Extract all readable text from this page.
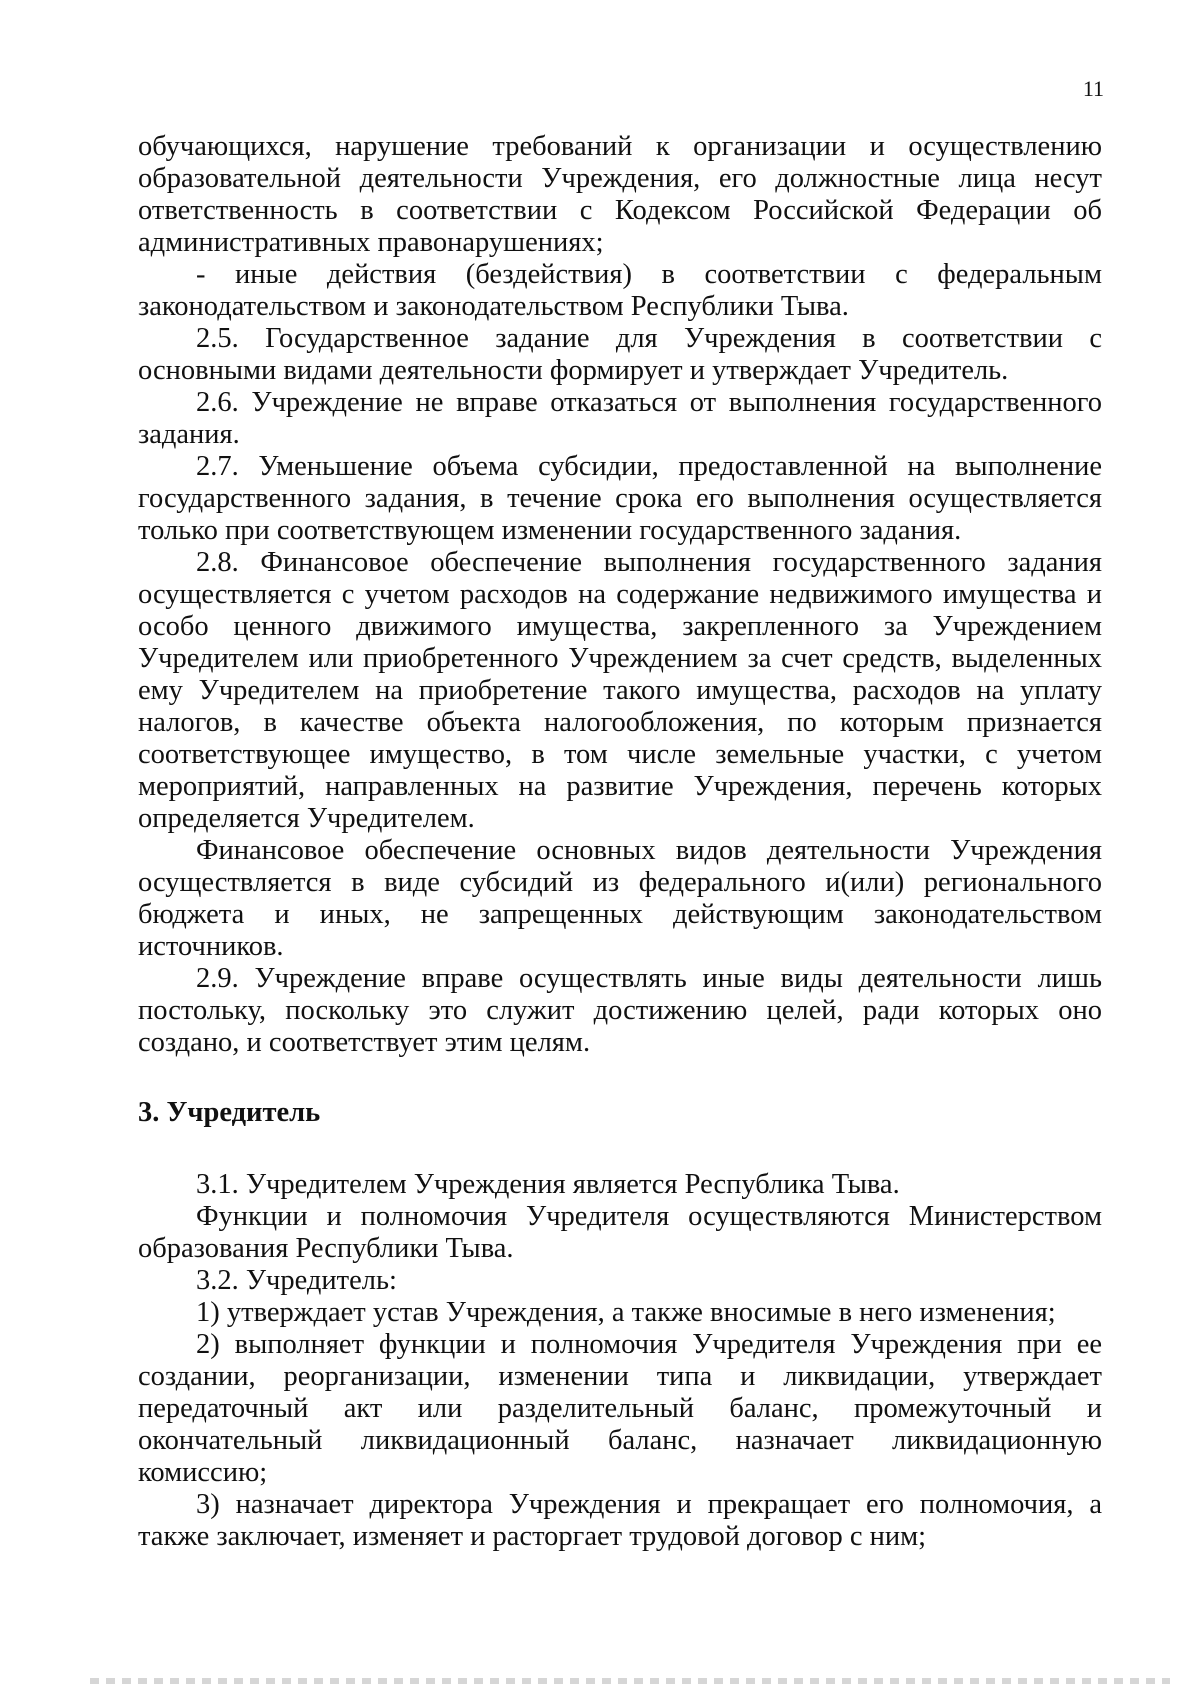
11

обучающихся, нарушение требований к организации и осуществлению образовательной деятельности Учреждения, его должностные лица несут ответственность в соответствии с Кодексом Российской Федерации об административных правонарушениях;

- иные действия (бездействия) в соответствии с федеральным законодательством и законодательством Республики Тыва.

2.5. Государственное задание для Учреждения в соответствии с основными видами деятельности формирует и утверждает Учредитель.

2.6. Учреждение не вправе отказаться от выполнения государственного задания.

2.7. Уменьшение объема субсидии, предоставленной на выполнение государственного задания, в течение срока его выполнения осуществляется только при соответствующем изменении государственного задания.

2.8. Финансовое обеспечение выполнения государственного задания осуществляется с учетом расходов на содержание недвижимого имущества и особо ценного движимого имущества, закрепленного за Учреждением Учредителем или приобретенного Учреждением за счет средств, выделенных ему Учредителем на приобретение такого имущества, расходов на уплату налогов, в качестве объекта налогообложения, по которым признается соответствующее имущество, в том числе земельные участки, с учетом мероприятий, направленных на развитие Учреждения, перечень которых определяется Учредителем.

Финансовое обеспечение основных видов деятельности Учреждения осуществляется в виде субсидий из федерального и(или) регионального бюджета и иных, не запрещенных действующим законодательством источников.

2.9. Учреждение вправе осуществлять иные виды деятельности лишь постольку, поскольку это служит достижению целей, ради которых оно создано, и соответствует этим целям.

3. Учредитель

3.1. Учредителем Учреждения является Республика Тыва.

Функции и полномочия Учредителя осуществляются Министерством образования Республики Тыва.

3.2. Учредитель:

1) утверждает устав Учреждения, а также вносимые в него изменения;

2) выполняет функции и полномочия Учредителя Учреждения при ее создании, реорганизации, изменении типа и ликвидации, утверждает передаточный акт или разделительный баланс, промежуточный и окончательный ликвидационный баланс, назначает ликвидационную комиссию;

3) назначает директора Учреждения и прекращает его полномочия, а также заключает, изменяет и расторгает трудовой договор с ним;
